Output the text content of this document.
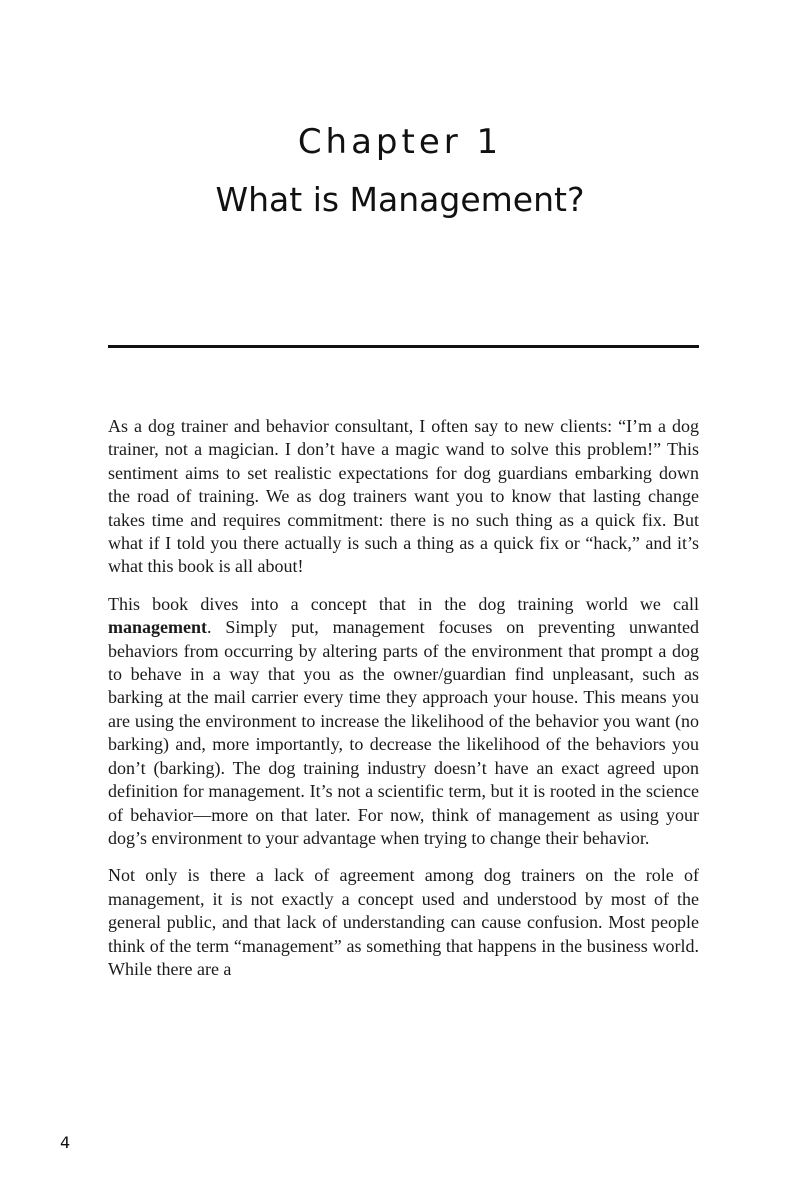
Chapter 1
What is Management?

As a dog trainer and behavior consultant, I often say to new clients: “I’m a dog trainer, not a magician. I don’t have a magic wand to solve this problem!” This sentiment aims to set realistic expectations for dog guardians embarking down the road of training. We as dog trainers want you to know that lasting change takes time and requires commitment: there is no such thing as a quick fix. But what if I told you there actually is such a thing as a quick fix or “hack,” and it’s what this book is all about!

This book dives into a concept that in the dog training world we call management. Simply put, management focuses on preventing unwanted behaviors from occurring by altering parts of the environment that prompt a dog to behave in a way that you as the owner/guardian find unpleasant, such as barking at the mail carrier every time they approach your house. This means you are using the environment to increase the likelihood of the behavior you want (no barking) and, more importantly, to decrease the likelihood of the behaviors you don’t (barking). The dog training industry doesn’t have an exact agreed upon definition for management. It’s not a scientific term, but it is rooted in the science of behavior—more on that later. For now, think of management as using your dog’s environment to your advantage when trying to change their behavior.

Not only is there a lack of agreement among dog trainers on the role of management, it is not exactly a concept used and understood by most of the general public, and that lack of understanding can cause confusion. Most people think of the term “management” as something that happens in the business world. While there are a

4
